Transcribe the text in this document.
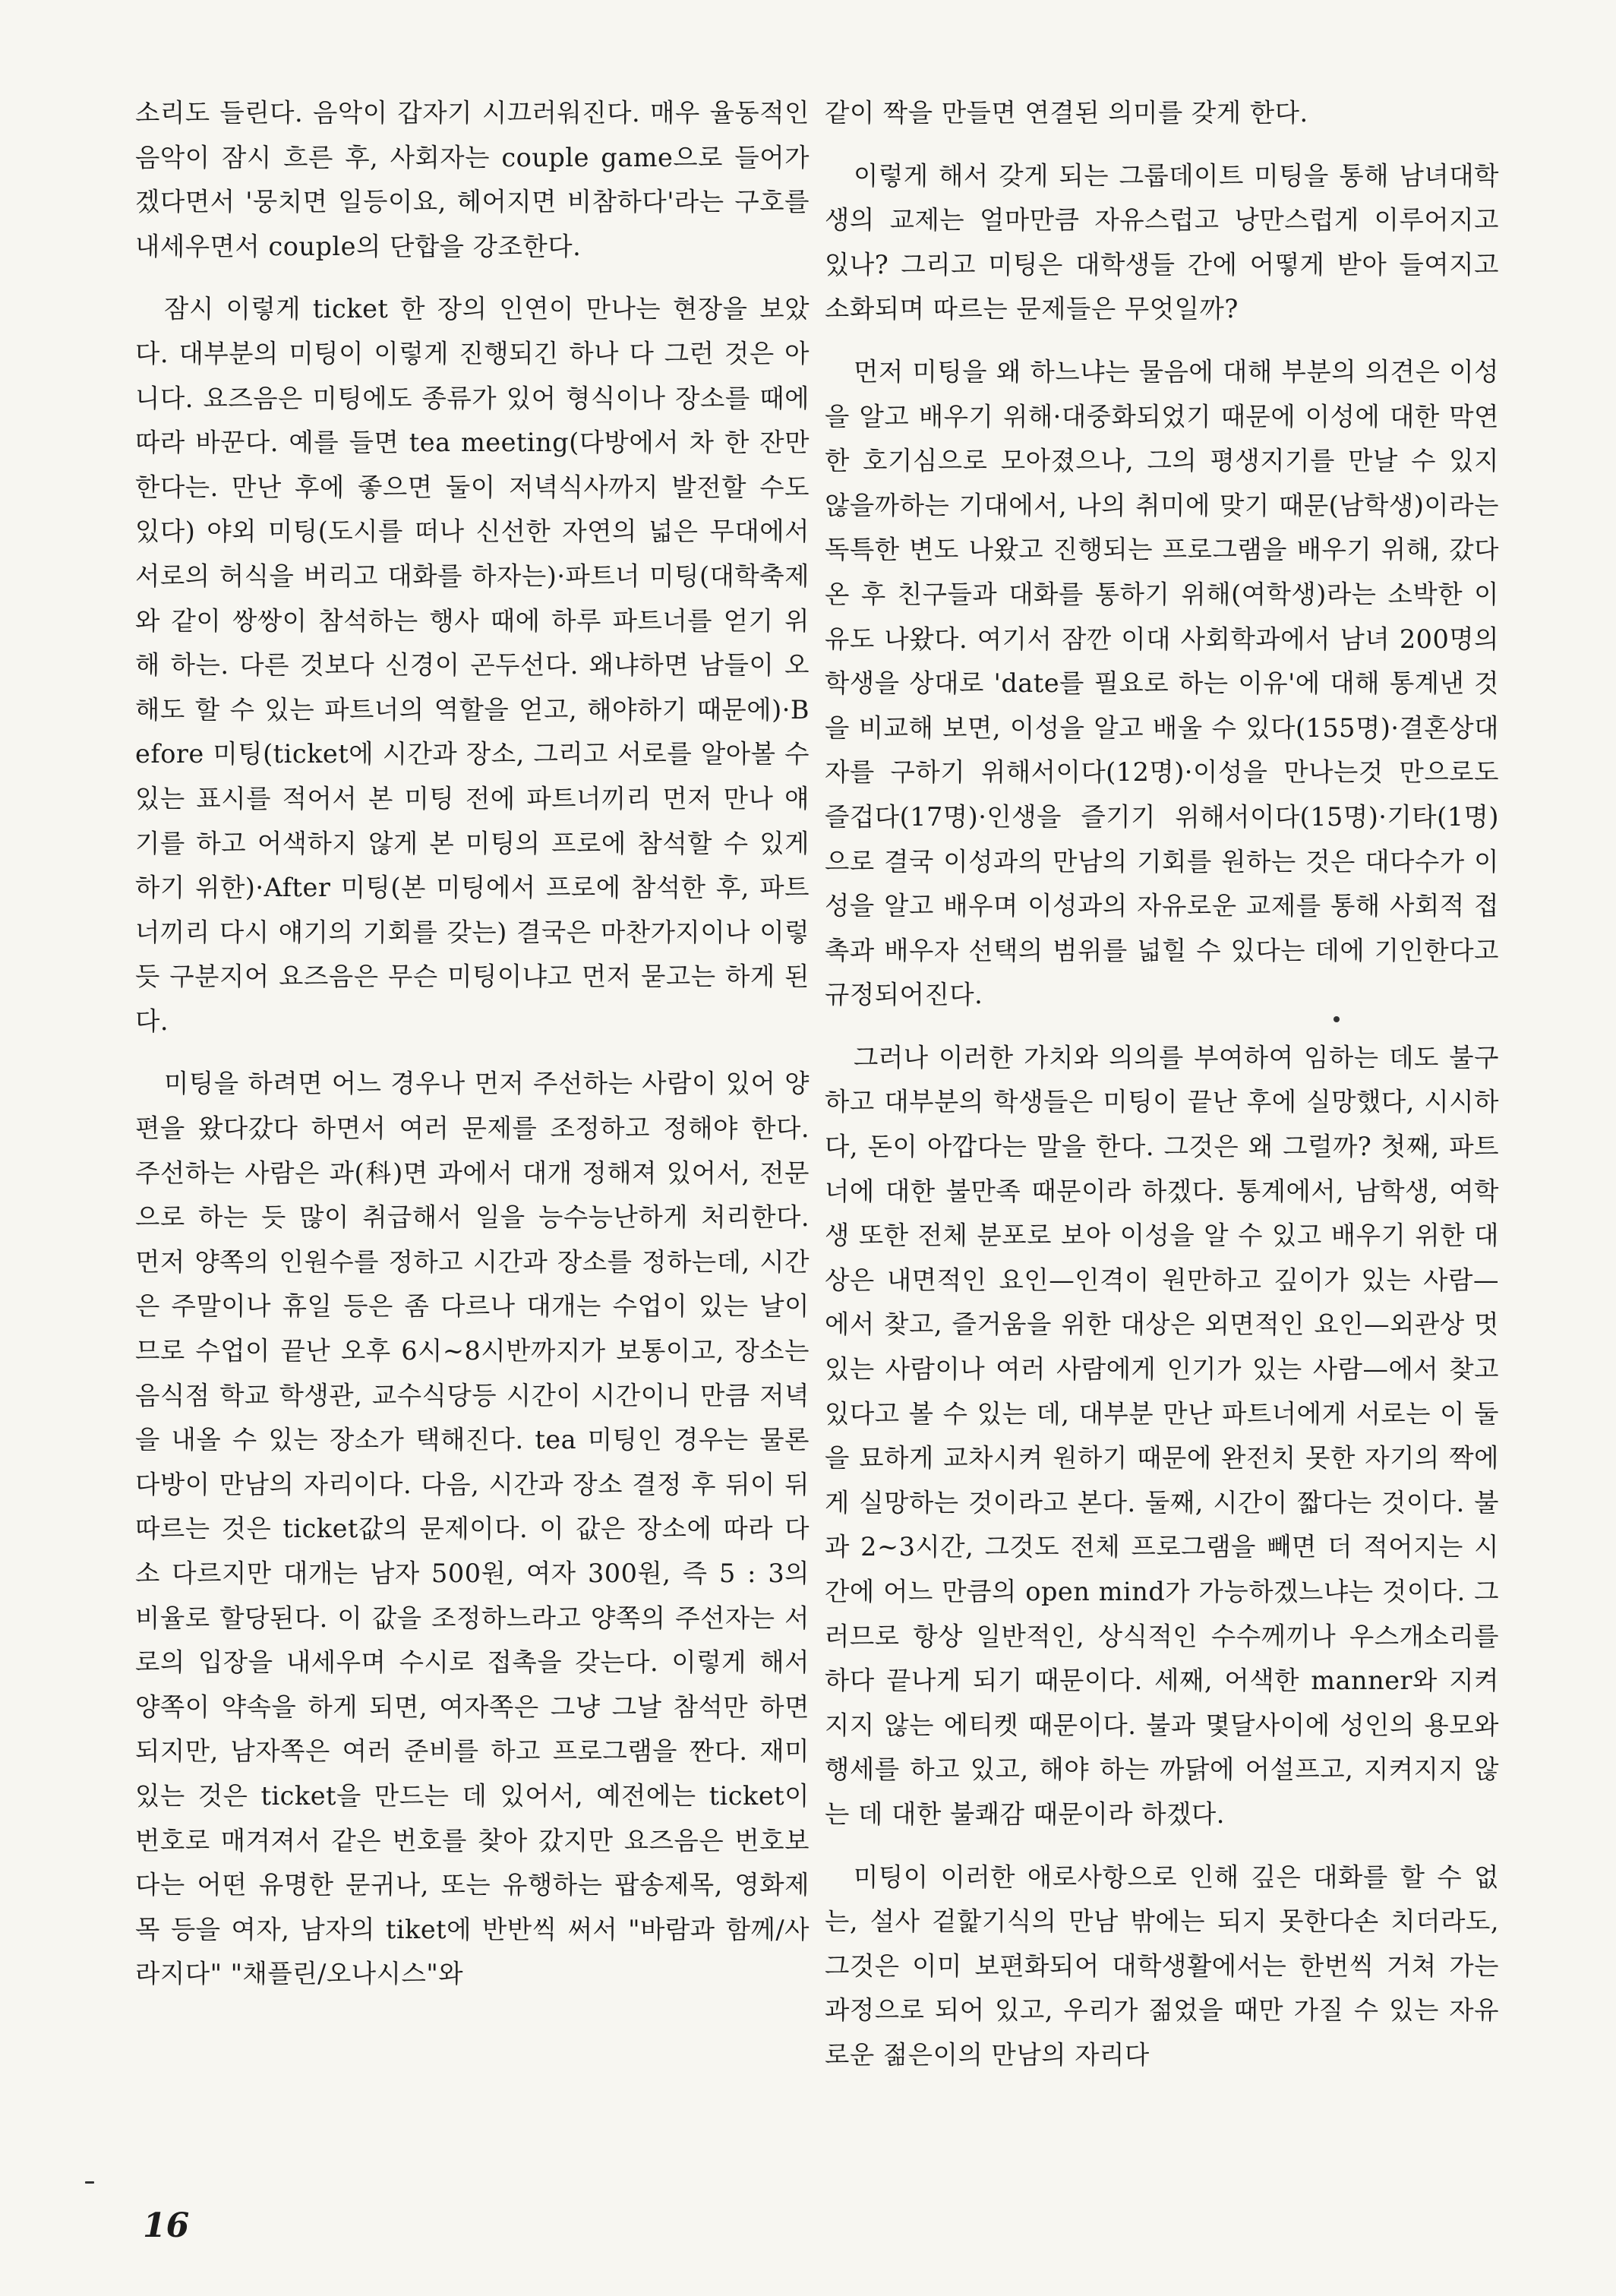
소리도 들린다. 음악이 갑자기 시끄러워진다. 매우 율동적인 음악이 잠시 흐른 후, 사회자는 couple game으로 들어가겠다면서 '뭉치면 일등이요, 헤어지면 비참하다'라는 구호를 내세우면서 couple의 단합을 강조한다.

잠시 이렇게 ticket 한 장의 인연이 만나는 현장을 보았다. 대부분의 미팅이 이렇게 진행되긴 하나 다 그런 것은 아니다. 요즈음은 미팅에도 종류가 있어 형식이나 장소를 때에 따라 바꾼다. 예를 들면 tea meeting(다방에서 차 한 잔만 한다는. 만난 후에 좋으면 둘이 저녁식사까지 발전할 수도 있다) 야외 미팅(도시를 떠나 신선한 자연의 넓은 무대에서 서로의 허식을 버리고 대화를 하자는)·파트너 미팅(대학축제와 같이 쌍쌍이 참석하는 행사 때에 하루 파트너를 얻기 위해 하는. 다른 것보다 신경이 곤두선다. 왜냐하면 남들이 오해도 할 수 있는 파트너의 역할을 얻고, 해야하기 때문에)·Before 미팅(ticket에 시간과 장소, 그리고 서로를 알아볼 수 있는 표시를 적어서 본 미팅 전에 파트너끼리 먼저 만나 얘기를 하고 어색하지 않게 본 미팅의 프로에 참석할 수 있게 하기 위한)·After 미팅(본 미팅에서 프로에 참석한 후, 파트너끼리 다시 얘기의 기회를 갖는) 결국은 마찬가지이나 이렇듯 구분지어 요즈음은 무슨 미팅이냐고 먼저 묻고는 하게 된다.

미팅을 하려면 어느 경우나 먼저 주선하는 사람이 있어 양편을 왔다갔다 하면서 여러 문제를 조정하고 정해야 한다. 주선하는 사람은 과(科)면 과에서 대개 정해져 있어서, 전문으로 하는 듯 많이 취급해서 일을 능수능난하게 처리한다. 먼저 양쪽의 인원수를 정하고 시간과 장소를 정하는데, 시간은 주말이나 휴일 등은 좀 다르나 대개는 수업이 있는 날이므로 수업이 끝난 오후 6시~8시반까지가 보통이고, 장소는 음식점 학교 학생관, 교수식당등 시간이 시간이니 만큼 저녁을 내올 수 있는 장소가 택해진다. tea 미팅인 경우는 물론 다방이 만남의 자리이다. 다음, 시간과 장소 결정 후 뒤이 뒤따르는 것은 ticket값의 문제이다. 이 값은 장소에 따라 다소 다르지만 대개는 남자 500원, 여자 300원, 즉 5 : 3의 비율로 할당된다. 이 값을 조정하느라고 양쪽의 주선자는 서로의 입장을 내세우며 수시로 접촉을 갖는다. 이렇게 해서 양쪽이 약속을 하게 되면, 여자쪽은 그냥 그날 참석만 하면 되지만, 남자쪽은 여러 준비를 하고 프로그램을 짠다. 재미있는 것은 ticket을 만드는 데 있어서, 예전에는 ticket이 번호로 매겨져서 같은 번호를 찾아 갔지만 요즈음은 번호보다는 어떤 유명한 문귀나, 또는 유행하는 팝송제목, 영화제목 등을 여자, 남자의 tiket에 반반씩 써서 "바람과 함께/사라지다" "채플린/오나시스"와

같이 짝을 만들면 연결된 의미를 갖게 한다.

이렇게 해서 갖게 되는 그룹데이트 미팅을 통해 남녀대학생의 교제는 얼마만큼 자유스럽고 낭만스럽게 이루어지고 있나? 그리고 미팅은 대학생들 간에 어떻게 받아 들여지고 소화되며 따르는 문제들은 무엇일까?

먼저 미팅을 왜 하느냐는 물음에 대해 부분의 의견은 이성을 알고 배우기 위해·대중화되었기 때문에 이성에 대한 막연한 호기심으로 모아졌으나, 그의 평생지기를 만날 수 있지 않을까하는 기대에서, 나의 취미에 맞기 때문(남학생)이라는 독특한 변도 나왔고 진행되는 프로그램을 배우기 위해, 갔다온 후 친구들과 대화를 통하기 위해(여학생)라는 소박한 이유도 나왔다. 여기서 잠깐 이대 사회학과에서 남녀 200명의 학생을 상대로 'date를 필요로 하는 이유'에 대해 통계낸 것을 비교해 보면, 이성을 알고 배울 수 있다(155명)·결혼상대자를 구하기 위해서이다(12명)·이성을 만나는것 만으로도 즐겁다(17명)·인생을 즐기기 위해서이다(15명)·기타(1명)으로 결국 이성과의 만남의 기회를 원하는 것은 대다수가 이성을 알고 배우며 이성과의 자유로운 교제를 통해 사회적 접촉과 배우자 선택의 범위를 넓힐 수 있다는 데에 기인한다고 규정되어진다.

그러나 이러한 가치와 의의를 부여하여 임하는 데도 불구하고 대부분의 학생들은 미팅이 끝난 후에 실망했다, 시시하다, 돈이 아깝다는 말을 한다. 그것은 왜 그럴까? 첫째, 파트너에 대한 불만족 때문이라 하겠다. 통계에서, 남학생, 여학생 또한 전체 분포로 보아 이성을 알 수 있고 배우기 위한 대상은 내면적인 요인—인격이 원만하고 깊이가 있는 사람—에서 찾고, 즐거움을 위한 대상은 외면적인 요인—외관상 멋있는 사람이나 여러 사람에게 인기가 있는 사람—에서 찾고 있다고 볼 수 있는 데, 대부분 만난 파트너에게 서로는 이 둘을 묘하게 교차시켜 원하기 때문에 완전치 못한 자기의 짝에게 실망하는 것이라고 본다. 둘째, 시간이 짧다는 것이다. 불과 2~3시간, 그것도 전체 프로그램을 빼면 더 적어지는 시간에 어느 만큼의 open mind가 가능하겠느냐는 것이다. 그러므로 항상 일반적인, 상식적인 수수께끼나 우스개소리를 하다 끝나게 되기 때문이다. 세째, 어색한 manner와 지켜지지 않는 에티켓 때문이다. 불과 몇달사이에 성인의 용모와 행세를 하고 있고, 해야 하는 까닭에 어설프고, 지켜지지 않는 데 대한 불쾌감 때문이라 하겠다.

미팅이 이러한 애로사항으로 인해 깊은 대화를 할 수 없는, 설사 겉핥기식의 만남 밖에는 되지 못한다손 치더라도, 그것은 이미 보편화되어 대학생활에서는 한번씩 거쳐 가는 과정으로 되어 있고, 우리가 젊었을 때만 가질 수 있는 자유로운 젊은이의 만남의 자리다

16
